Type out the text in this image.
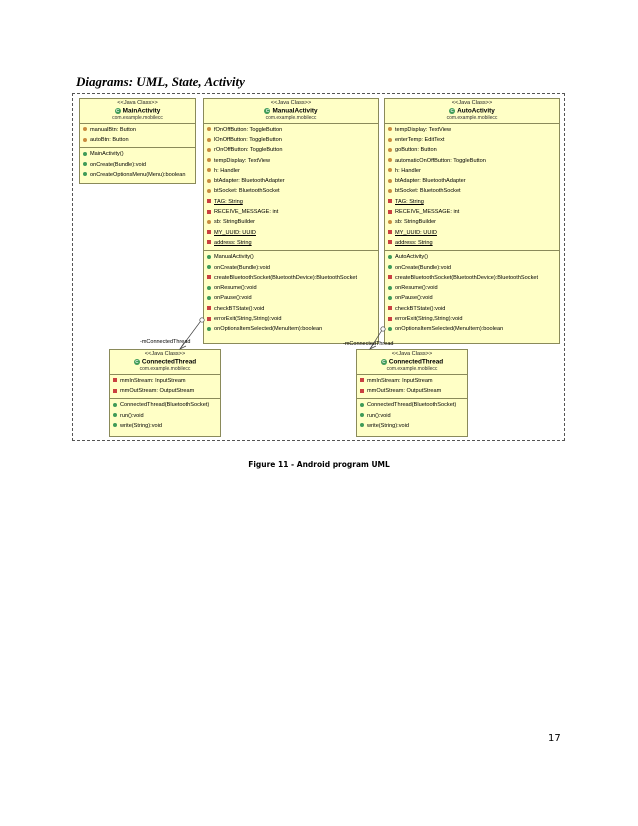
Diagrams: UML, State, Activity
<<Java Class>>
C MainActivity
com.example.mobilecc
manualBtn: Button
autoBtn: Button
MainActivity()
onCreate(Bundle):void
onCreateOptionsMenu(Menu):boolean
<<Java Class>>
C ManualActivity
com.example.mobilecc
fOnOffButton: ToggleButton
lOnOffButton: ToggleButton
rOnOffButton: ToggleButton
tempDisplay: TextView
h: Handler
btAdapter: BluetoothAdapter
btSocket: BluetoothSocket
TAG: String
RECEIVE_MESSAGE: int
sb: StringBuilder
MY_UUID: UUID
address: String
ManualActivity()
onCreate(Bundle):void
createBluetoothSocket(BluetoothDevice):BluetoothSocket
onResume():void
onPause():void
checkBTState():void
errorExit(String,String):void
onOptionsItemSelected(MenuItem):boolean
<<Java Class>>
C AutoActivity
com.example.mobilecc
tempDisplay: TextView
enterTemp: EditText
goButton: Button
automaticOnOffButton: ToggleButton
h: Handler
btAdapter: BluetoothAdapter
btSocket: BluetoothSocket
TAG: String
RECEIVE_MESSAGE: int
sb: StringBuilder
MY_UUID: UUID
address: String
AutoActivity()
onCreate(Bundle):void
createBluetoothSocket(BluetoothDevice):BluetoothSocket
onResume():void
onPause():void
checkBTState():void
errorExit(String,String):void
onOptionsItemSelected(MenuItem):boolean
<<Java Class>>
C ConnectedThread
com.example.mobilecc
mmInStream: InputStream
mmOutStream: OutputStream
ConnectedThread(BluetoothSocket)
run():void
write(String):void
<<Java Class>>
C ConnectedThread
com.example.mobilecc
mmInStream: InputStream
mmOutStream: OutputStream
ConnectedThread(BluetoothSocket)
run():void
write(String):void
-mConnectedThread	-mConnectedThread
Figure 11 - Android program UML
17
